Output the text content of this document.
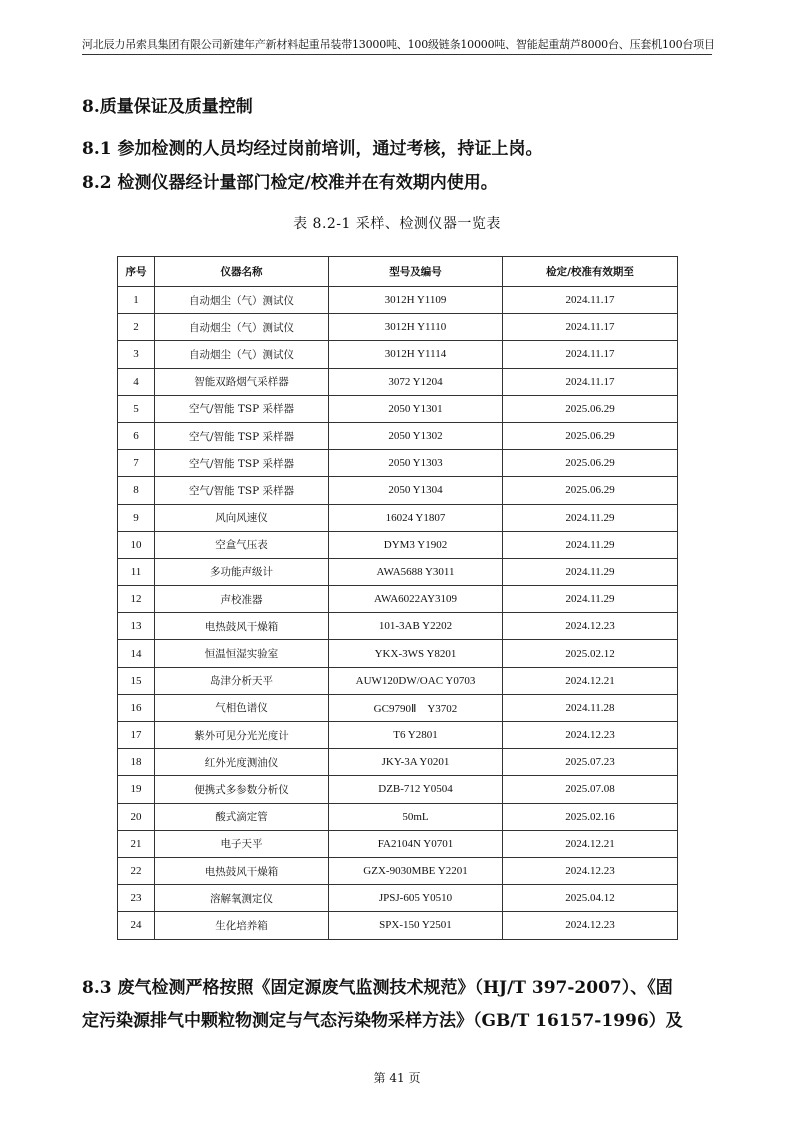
河北辰力吊索具集团有限公司新建年产新材料起重吊装带13000吨、100级链条10000吨、智能起重葫芦8000台、压套机100台项目
8.质量保证及质量控制
8.1 参加检测的人员均经过岗前培训，通过考核，持证上岗。
8.2 检测仪器经计量部门检定/校准并在有效期内使用。
表 8.2-1 采样、检测仪器一览表
序号	仪器名称	型号及编号	检定/校准有效期至
1	自动烟尘（气）测试仪	3012H Y1109	2024.11.17
2	自动烟尘（气）测试仪	3012H Y1110	2024.11.17
3	自动烟尘（气）测试仪	3012H Y1114	2024.11.17
4	智能双路烟气采样器	3072 Y1204	2024.11.17
5	空气/智能 TSP 采样器	2050 Y1301	2025.06.29
6	空气/智能 TSP 采样器	2050 Y1302	2025.06.29
7	空气/智能 TSP 采样器	2050 Y1303	2025.06.29
8	空气/智能 TSP 采样器	2050 Y1304	2025.06.29
9	风向风速仪	16024 Y1807	2024.11.29
10	空盒气压表	DYM3 Y1902	2024.11.29
11	多功能声级计	AWA5688 Y3011	2024.11.29
12	声校准器	AWA6022AY3109	2024.11.29
13	电热鼓风干燥箱	101-3AB Y2202	2024.12.23
14	恒温恒湿实验室	YKX-3WS Y8201	2025.02.12
15	岛津分析天平	AUW120DW/OAC Y0703	2024.12.21
16	气相色谱仪	GC9790Ⅱ　Y3702	2024.11.28
17	紫外可见分光光度计	T6 Y2801	2024.12.23
18	红外光度测油仪	JKY-3A Y0201	2025.07.23
19	便携式多参数分析仪	DZB-712 Y0504	2025.07.08
20	酸式滴定管	50mL	2025.02.16
21	电子天平	FA2104N Y0701	2024.12.21
22	电热鼓风干燥箱	GZX-9030MBE Y2201	2024.12.23
23	溶解氧测定仪	JPSJ-605 Y0510	2025.04.12
24	生化培养箱	SPX-150 Y2501	2024.12.23
8.3 废气检测严格按照《固定源废气监测技术规范》（HJ/T 397-2007）、《固
定污染源排气中颗粒物测定与气态污染物采样方法》（GB/T 16157-1996）及
第 41 页
